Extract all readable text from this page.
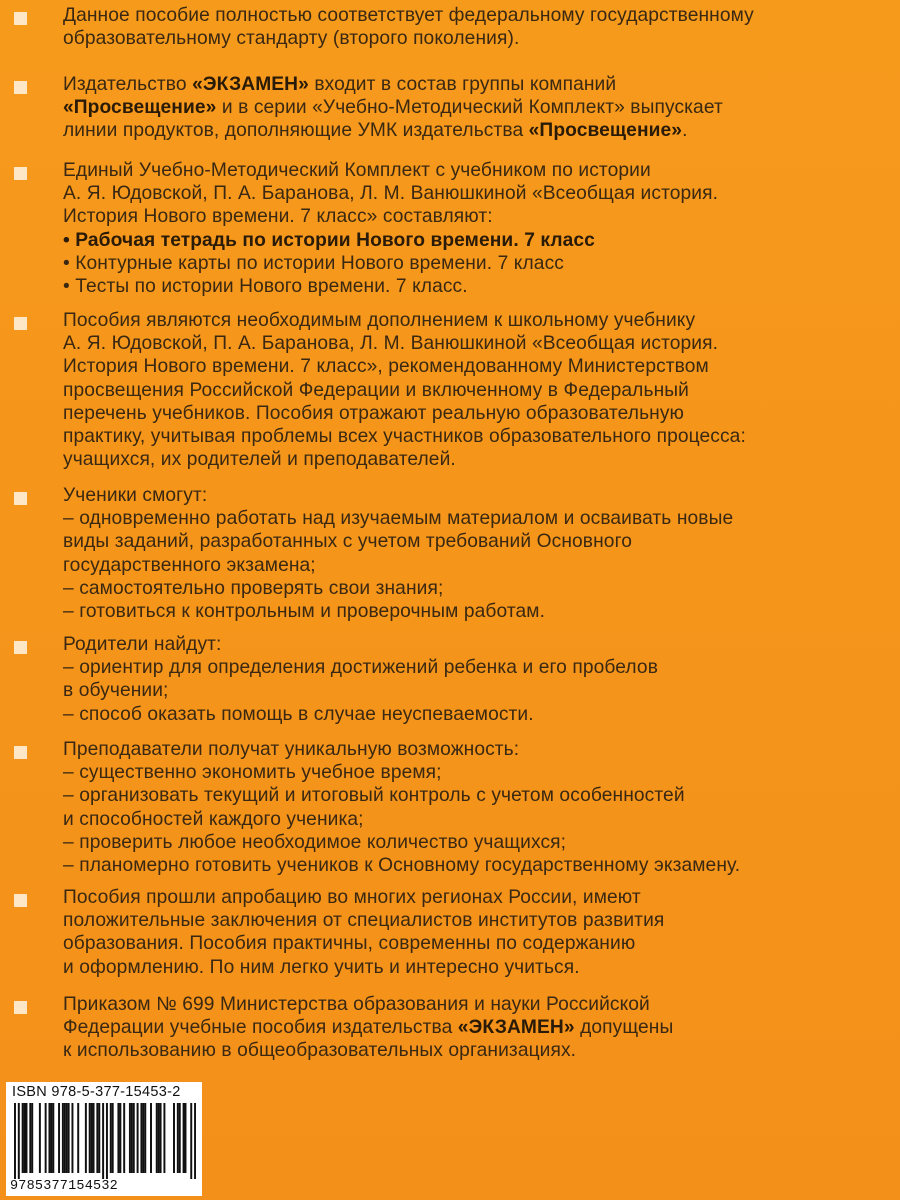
Данное пособие полностью соответствует федеральному государственному
образовательному стандарту (второго поколения).
Издательство «ЭКЗАМЕН» входит в состав группы компаний
«Просвещение» и в серии «Учебно-Методический Комплект» выпускает
линии продуктов, дополняющие УМК издательства «Просвещение».
Единый Учебно-Методический Комплект с учебником по истории
А. Я. Юдовской, П. А. Барановa, Л. М. Ванюшкиной «Всеобщая история.
История Нового времени. 7 класс» составляют:
• Рабочая тетрадь по истории Нового времени. 7 класс
• Контурные карты по истории Нового времени. 7 класс
• Тесты по истории Нового времени. 7 класс.
Пособия являются необходимым дополнением к школьному учебнику
А. Я. Юдовской, П. А. Барановa, Л. М. Ванюшкиной «Всеобщая история.
История Нового времени. 7 класс», рекомендованному Министерством
просвещения Российской Федерации и включенному в Федеральный
перечень учебников. Пособия отражают реальную образовательную
практику, учитывая проблемы всех участников образовательного процесса:
учащихся, их родителей и преподавателей.
Ученики смогут:
– одновременно работать над изучаемым материалом и осваивать новые
виды заданий, разработанных с учетом требований Основного
государственного экзамена;
– самостоятельно проверять свои знания;
– готовиться к контрольным и проверочным работам.
Родители найдут:
– ориентир для определения достижений ребенка и его пробелов
в обучении;
– способ оказать помощь в случае неуспеваемости.
Преподаватели получат уникальную возможность:
– существенно экономить учебное время;
– организовать текущий и итоговый контроль с учетом особенностей
и способностей каждого ученика;
– проверить любое необходимое количество учащихся;
– планомерно готовить учеников к Основному государственному экзамену.
Пособия прошли апробацию во многих регионах России, имеют
положительные заключения от специалистов институтов развития
образования. Пособия практичны, современны по содержанию
и оформлению. По ним легко учить и интересно учиться.
Приказом № 699 Министерства образования и науки Российской
Федерации учебные пособия издательства «ЭКЗАМЕН» допущены
к использованию в общеобразовательных организациях.
ISBN 978-5-377-15453-2
9785377154532
